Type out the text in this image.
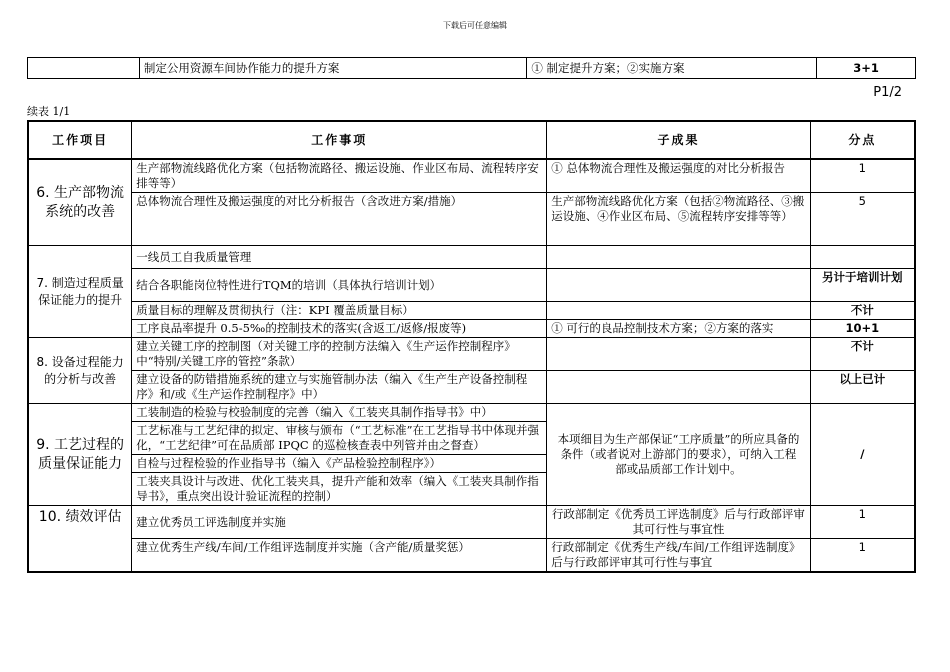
下载后可任意编辑
	制定公用资源车间协作能力的提升方案	① 制定提升方案；②实施方案	3+1
P1/2
续表 1/1
工作项目	工作事项	子成果	分点
6. 生产部物流系统的改善	生产部物流线路优化方案（包括物流路径、搬运设施、作业区布局、流程转序安排等等）	① 总体物流合理性及搬运强度的对比分析报告	1
	总体物流合理性及搬运强度的对比分析报告（含改进方案/措施）	生产部物流线路优化方案（包括②物流路径、③搬运设施、④作业区布局、⑤流程转序安排等等）	5
7. 制造过程质量保证能力的提升	一线员工自我质量管理		
	结合各职能岗位特性进行TQM的培训（具体执行培训计划）		另计于培训计划
	质量目标的理解及贯彻执行（注：KPI 覆盖质量目标）		不计
	工序良品率提升 0.5-5‰的控制技术的落实(含返工/返修/报废等)	① 可行的良品控制技术方案；②方案的落实	10+1
8. 设备过程能力的分析与改善	建立关键工序的控制图（对关键工序的控制方法编入《生产运作控制程序》中“特别/关键工序的管控”条款）		不计
	建立设备的防错措施系统的建立与实施管制办法（编入《生产生产设备控制程序》和/或《生产运作控制程序》中）		以上已计
9. 工艺过程的质量保证能力	工装制造的检验与校验制度的完善（编入《工装夹具制作指导书》中）	本项细目为生产部保证“工序质量”的所应具备的条件（或者说对上游部门的要求），可纳入工程部或品质部工作计划中。	/
	工艺标准与工艺纪律的拟定、审核与颁布（“工艺标准”在工艺指导书中体现并强化，“工艺纪律”可在品质部 IPQC 的巡检核查表中列管并由之督查）		
	自检与过程检验的作业指导书（编入《产品检验控制程序》）		
	工装夹具设计与改进、优化工装夹具，提升产能和效率（编入《工装夹具制作指导书》，重点突出设计验证流程的控制）		
10. 绩效评估	建立优秀员工评选制度并实施	行政部制定《优秀员工评选制度》后与行政部评审其可行性与事宜性	1
	建立优秀生产线/车间/工作组评选制度并实施（含产能/质量奖惩）	行政部制定《优秀生产线/车间/工作组评选制度》后与行政部评审其可行性与事宜	1
